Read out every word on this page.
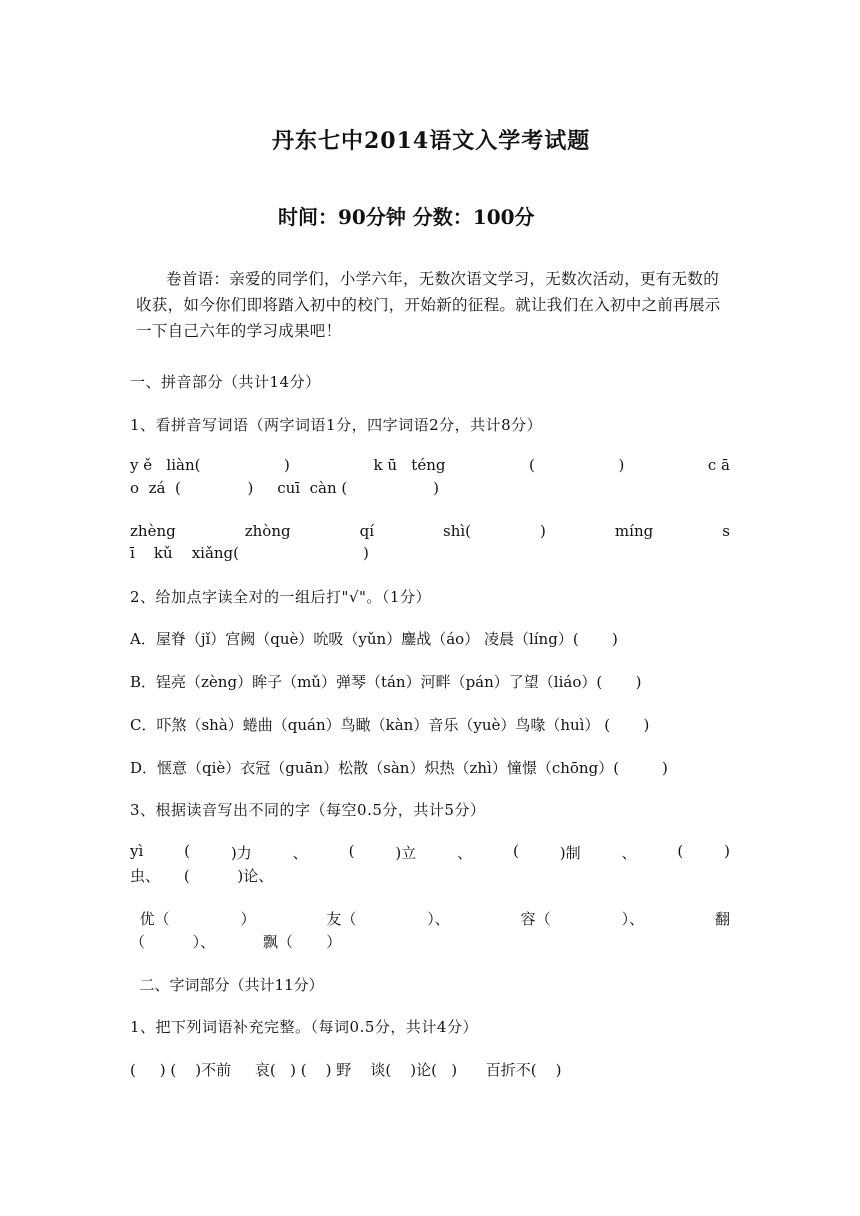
丹东七中2014语文入学考试题
时间：90分钟 分数：100分
卷首语：亲爱的同学们，小学六年，无数次语文学习，无数次活动，更有无数的收获，如今你们即将踏入初中的校门，开始新的征程。就让我们在入初中之前再展示一下自己六年的学习成果吧！
一、拼音部分（共计14分）
1、看拼音写词语（两字词语1分，四字词语2分，共计8分）
y ě   liàn(	)	k ū   téng	(	)	c ā
o  zá  (              )     cuī  càn (                  )
zhèng	zhòng	qí	shì(	)	míng	s
ī    kǔ    xiǎng(                          )
2、给加点字读全对的一组后打"√"。（1分）
A．屋脊（jǐ）宫阙（què）吮吸（yǔn）鏖战（áo） 凌晨（líng）(       )
B．锃亮（zèng）眸子（mǔ）弹琴（tán）河畔（pán）了望（liáo）(       )
C．吓煞（shà）蜷曲（quán）鸟瞰（kàn）音乐（yuè）鸟喙（huì） (       )
D．惬意（qiè）衣冠（guān）松散（sàn）炽热（zhì）憧憬（chōng）(         )
3、根据读音写出不同的字（每空0.5分，共计5分）
yì	(	)力	、	(	)立	、	(	)制	、	(	)
虫、     (          )论、
优（	）	友（	）、	容（	）、	翻
（          ）、          飘（       ）
二、字词部分（共计11分）
1、把下列词语补充完整。（每词0.5分，共计4分）
(     ) (    )不前     哀(   ) (    ) 野    谈(    )论(   )      百折不(    )
